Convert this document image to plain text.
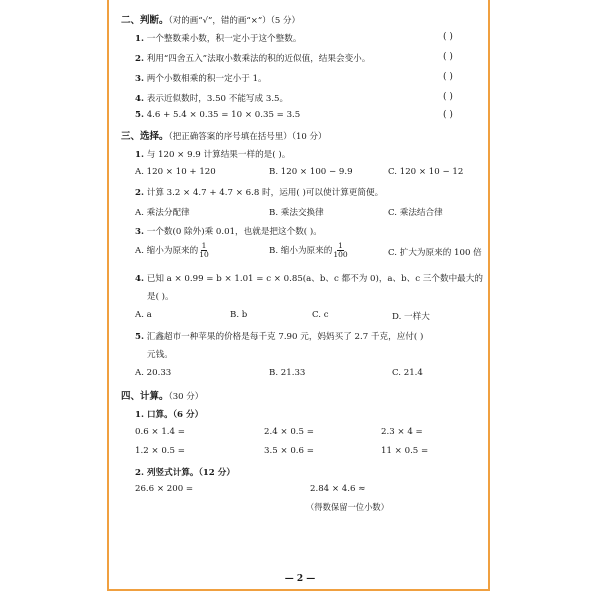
二、判断。（对的画“√”，错的画“×”）（5 分）
1. 一个整数乘小数，积一定小于这个整数。	( )
2. 利用“四舍五入”法取小数乘法的积的近似值，结果会变小。	( )
3. 两个小数相乘的积一定小于 1。	( )
4. 表示近似数时，3.50 不能写成 3.5。	( )
5. 4.6 + 5.4 × 0.35 = 10 × 0.35 = 3.5	( )
三、选择。（把正确答案的序号填在括号里）（10 分）
1. 与 120 × 9.9 计算结果一样的是( )。
A. 120 × 10 + 120	B. 120 × 100 − 9.9	C. 120 × 10 − 12
2. 计算 3.2 × 4.7 + 4.7 × 6.8 时，运用( )可以使计算更简便。
A. 乘法分配律	B. 乘法交换律	C. 乘法结合律
3. 一个数(0 除外)乘 0.01，也就是把这个数( )。
A. 缩小为原来的 $\frac{1}{10}$	B. 缩小为原来的 $\frac{1}{100}$	C. 扩大为原来的 100 倍
4. 已知 a × 0.99 = b × 1.01 = c × 0.85(a、b、c 都不为 0)，a、b、c 三个数中最大的
是( )。
A. a	B. b	C. c	D. 一样大
5. 汇鑫超市一种苹果的价格是每千克 7.90 元，妈妈买了 2.7 千克，应付( )
元钱。
A. 20.33	B. 21.33	C. 21.4
四、计算。（30 分）
1. 口算。（6 分）
0.6 × 1.4 =	2.4 × 0.5 =	2.3 × 4 =
1.2 × 0.5 =	3.5 × 0.6 =	11 × 0.5 =
2. 列竖式计算。（12 分）
26.6 × 200 =	2.84 × 4.6 ≈
（得数保留一位小数）
— 2 —
